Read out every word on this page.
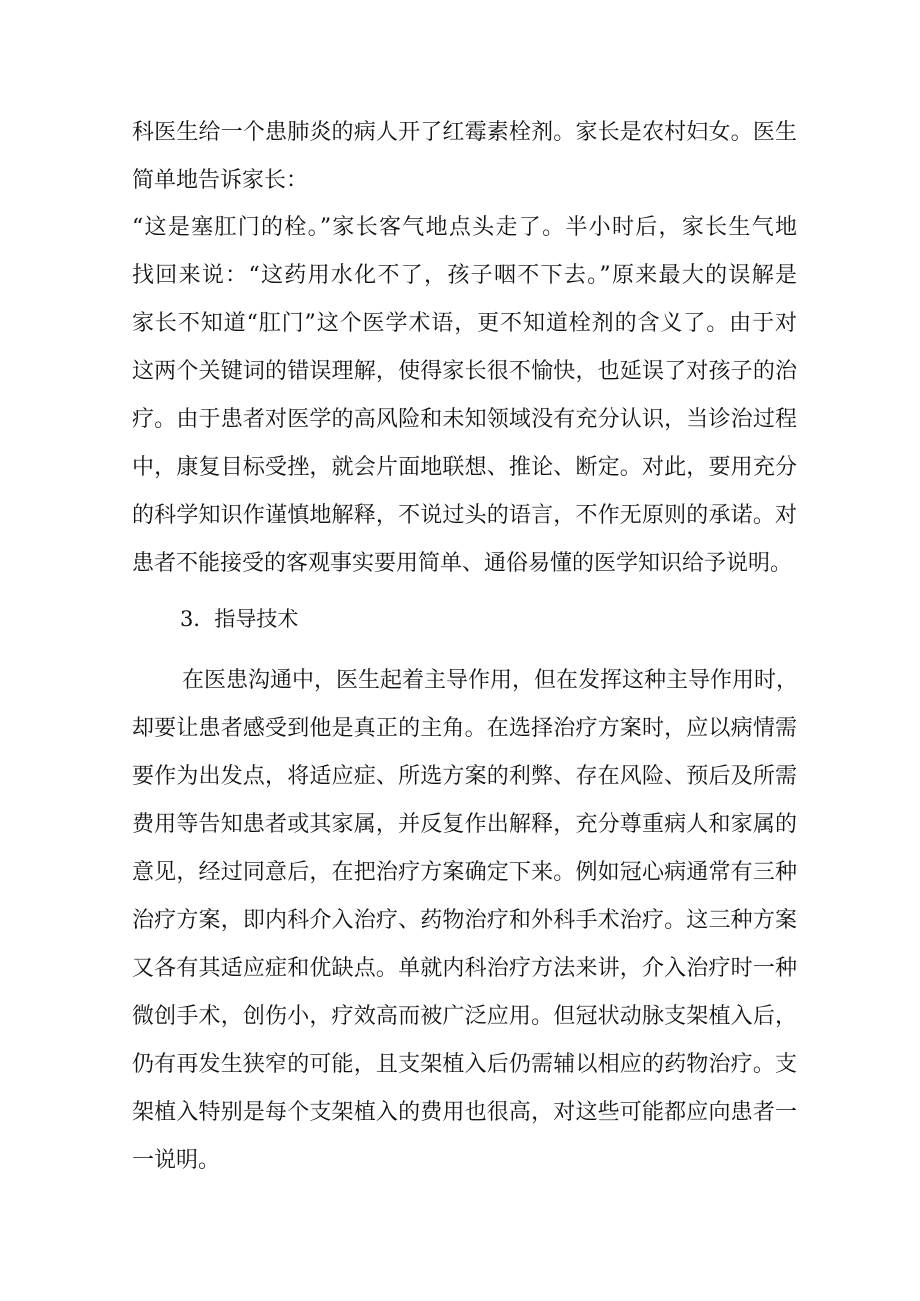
科医生给一个患肺炎的病人开了红霉素栓剂。家长是农村妇女。医生
简单地告诉家长：
“这是塞肛门的栓。”家长客气地点头走了。半小时后，家长生气地
找回来说：“这药用水化不了，孩子咽不下去。”原来最大的误解是
家长不知道“肛门”这个医学术语，更不知道栓剂的含义了。由于对
这两个关键词的错误理解，使得家长很不愉快，也延误了对孩子的治
疗。由于患者对医学的高风险和未知领域没有充分认识，当诊治过程
中，康复目标受挫，就会片面地联想、推论、断定。对此，要用充分
的科学知识作谨慎地解释，不说过头的语言，不作无原则的承诺。对
患者不能接受的客观事实要用简单、通俗易懂的医学知识给予说明。
3．指导技术
在医患沟通中，医生起着主导作用，但在发挥这种主导作用时，
却要让患者感受到他是真正的主角。在选择治疗方案时，应以病情需
要作为出发点，将适应症、所选方案的利弊、存在风险、预后及所需
费用等告知患者或其家属，并反复作出解释，充分尊重病人和家属的
意见，经过同意后，在把治疗方案确定下来。例如冠心病通常有三种
治疗方案，即内科介入治疗、药物治疗和外科手术治疗。这三种方案
又各有其适应症和优缺点。单就内科治疗方法来讲，介入治疗时一种
微创手术，创伤小，疗效高而被广泛应用。但冠状动脉支架植入后，
仍有再发生狭窄的可能，且支架植入后仍需辅以相应的药物治疗。支
架植入特别是每个支架植入的费用也很高，对这些可能都应向患者一
一说明。
